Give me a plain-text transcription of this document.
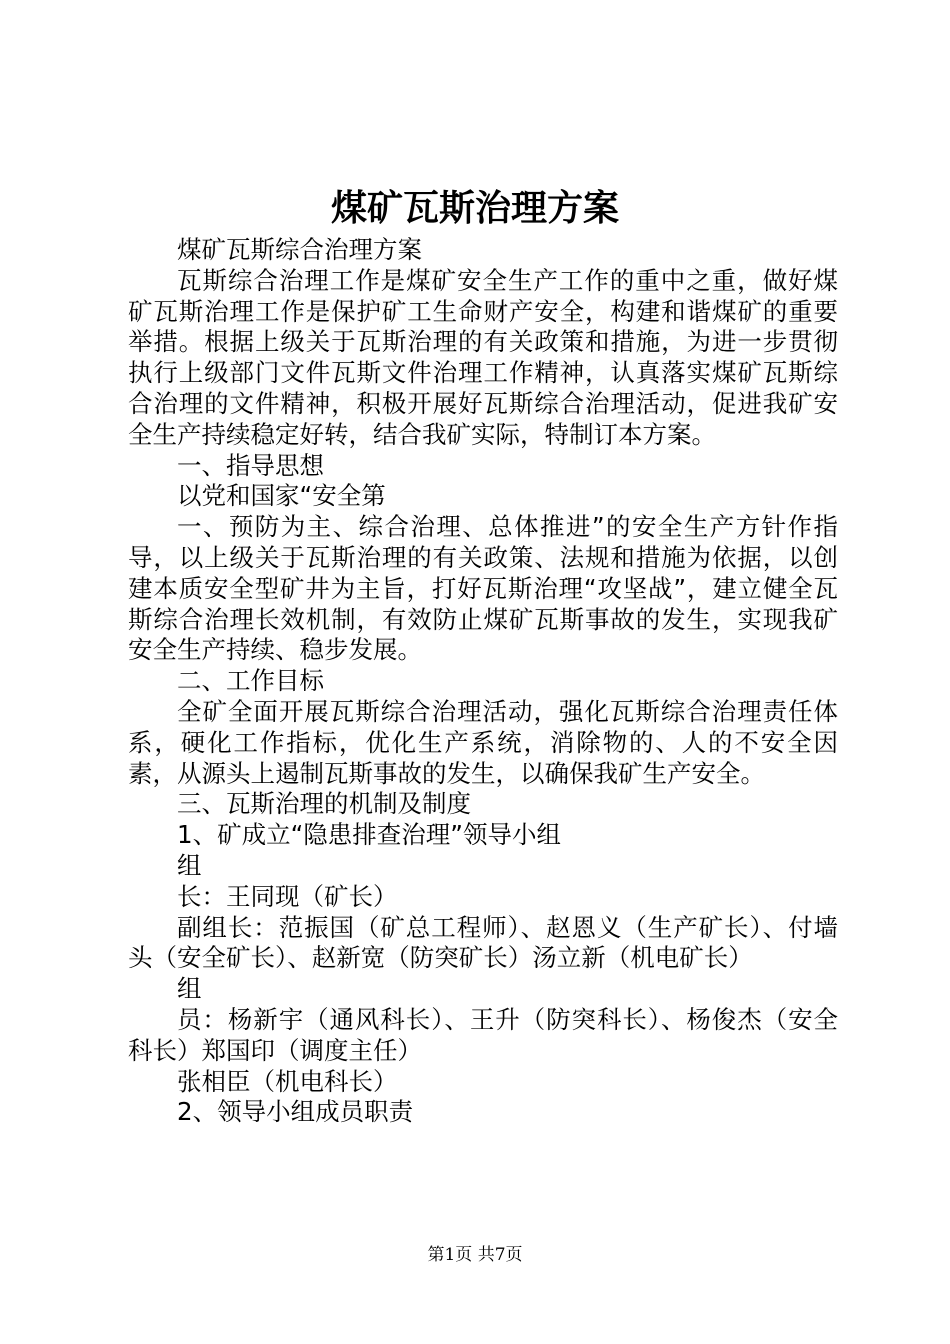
煤矿瓦斯治理方案

煤矿瓦斯综合治理方案

瓦斯综合治理工作是煤矿安全生产工作的重中之重，做好煤矿瓦斯治理工作是保护矿工生命财产安全，构建和谐煤矿的重要举措。根据上级关于瓦斯治理的有关政策和措施，为进一步贯彻执行上级部门文件瓦斯文件治理工作精神，认真落实煤矿瓦斯综合治理的文件精神，积极开展好瓦斯综合治理活动，促进我矿安全生产持续稳定好转，结合我矿实际，特制订本方案。

一、指导思想

以党和国家“安全第

一、预防为主、综合治理、总体推进”的安全生产方针作指导，以上级关于瓦斯治理的有关政策、法规和措施为依据，以创建本质安全型矿井为主旨，打好瓦斯治理“攻坚战”，建立健全瓦斯综合治理长效机制，有效防止煤矿瓦斯事故的发生，实现我矿安全生产持续、稳步发展。

二、工作目标

全矿全面开展瓦斯综合治理活动，强化瓦斯综合治理责任体系，硬化工作指标，优化生产系统，消除物的、人的不安全因素，从源头上遏制瓦斯事故的发生，以确保我矿生产安全。

三、瓦斯治理的机制及制度

1、矿成立“隐患排查治理”领导小组

组

长：王同现（矿长）

副组长：范振国（矿总工程师）、赵恩义（生产矿长）、付墙头（安全矿长）、赵新宽（防突矿长）汤立新（机电矿长）

组

员：杨新宇（通风科长）、王升（防突科长）、杨俊杰（安全科长）郑国印（调度主任）

张相臣（机电科长）

2、领导小组成员职责

第1页 共7页
